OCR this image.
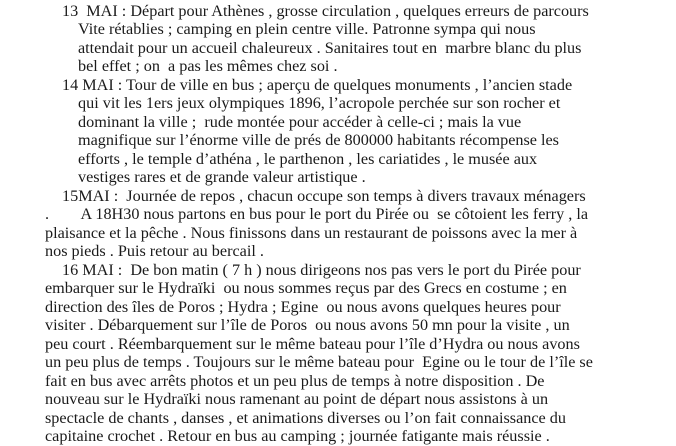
13  MAI : Départ pour Athènes , grosse circulation , quelques erreurs de parcours

Vite rétablies ; camping en plein centre ville. Patronne sympa qui nous

attendait pour un accueil chaleureux . Sanitaires tout en  marbre blanc du plus

bel effet ; on  a pas les mêmes chez soi .

14 MAI : Tour de ville en bus ; aperçu de quelques monuments , l’ancien stade

qui vit les 1ers jeux olympiques 1896, l’acropole perchée sur son rocher et

dominant la ville ;  rude montée pour accéder à celle-ci ; mais la vue

magnifique sur l’énorme ville de prés de 800000 habitants récompense les

efforts , le temple d’athéna , le parthenon , les cariatides , le musée aux

vestiges rares et de grande valeur artistique .

15MAI :  Journée de repos , chacun occupe son temps à divers travaux ménagers

.        A 18H30 nous partons en bus pour le port du Pirée ou  se côtoient les ferry , la

plaisance et la pêche . Nous finissons dans un restaurant de poissons avec la mer à

nos pieds . Puis retour au bercail .

16 MAI :  De bon matin ( 7 h ) nous dirigeons nos pas vers le port du Pirée pour

embarquer sur le Hydraïki  ou nous sommes reçus par des Grecs en costume ; en

direction des îles de Poros ; Hydra ; Egine  ou nous avons quelques heures pour

visiter . Débarquement sur l’île de Poros  ou nous avons 50 mn pour la visite , un

peu court . Réembarquement sur le même bateau pour l’île d’Hydra ou nous avons

un peu plus de temps . Toujours sur le même bateau pour  Egine ou le tour de l’île se

fait en bus avec arrêts photos et un peu plus de temps à notre disposition . De

nouveau sur le Hydraïki nous ramenant au point de départ nous assistons à un

spectacle de chants , danses , et animations diverses ou l’on fait connaissance du

capitaine crochet . Retour en bus au camping ; journée fatigante mais réussie .
